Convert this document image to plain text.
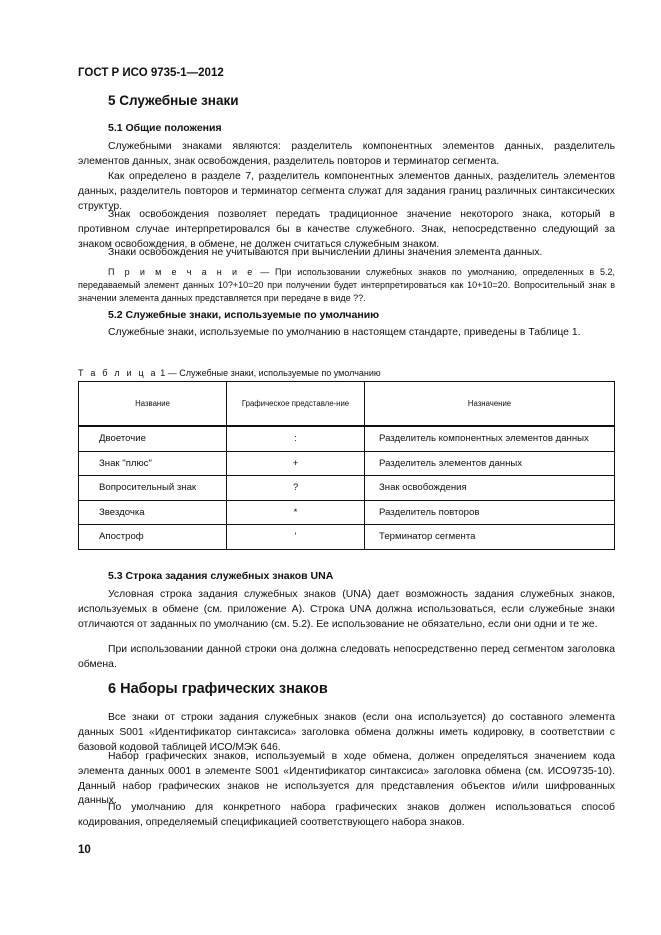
ГОСТ Р ИСО 9735-1—2012
5 Служебные знаки
5.1 Общие положения

Служебными знаками являются: разделитель компонентных элементов данных, разделитель элементов данных, знак освобождения, разделитель повторов и терминатор сегмента.

Как определено в разделе 7, разделитель компонентных элементов данных, разделитель элементов данных, разделитель повторов и терминатор сегмента служат для задания границ различных синтаксических структур.

Знак освобождения позволяет передать традиционное значение некоторого знака, который в противном случае интерпретировался бы в качестве служебного. Знак, непосредственно следующий за знаком освобождения, в обмене, не должен считаться служебным знаком.

Знаки освобождения не учитываются при вычислении длины значения элемента данных.

П р и м е ч а н и е — При использовании служебных знаков по умолчанию, определенных в 5.2, передаваемый элемент данных 10?+10=20 при получении будет интерпретироваться как 10+10=20. Вопросительный знак в значении элемента данных представляется при передаче в виде ??.

5.2 Служебные знаки, используемые по умолчанию

Служебные знаки, используемые по умолчанию в настоящем стандарте, приведены в Таблице 1.

Т а б л и ц а 1 — Служебные знаки, используемые по умолчанию
Название	Графическое представле-ние	Назначение
Двоеточие	:	Разделитель компонентных элементов данных
Знак "плюс"	+	Разделитель элементов данных
Вопросительный знак	?	Знак освобождения
Звездочка	*	Разделитель повторов
Апостроф	'	Терминатор сегмента
5.3 Строка задания служебных знаков UNA

Условная строка задания служебных знаков (UNA) дает возможность задания служебных знаков, используемых в обмене (см. приложение А). Строка UNA должна использоваться, если служебные знаки отличаются от заданных по умолчанию (см. 5.2). Ее использование не обязательно, если они одни и те же.

При использовании данной строки она должна следовать непосредственно перед сегментом заголовка обмена.

6 Наборы графических знаков

Все знаки от строки задания служебных знаков (если она используется) до составного элемента данных S001 «Идентификатор синтаксиса» заголовка обмена должны иметь кодировку, в соответствии с базовой кодовой таблицей ИСО/МЭК 646.

Набор графических знаков, используемый в ходе обмена, должен определяться значением кода элемента данных 0001 в элементе S001 «Идентификатор синтаксиса» заголовка обмена (см. ИСО9735-10). Данный набор графических знаков не используется для представления объектов и/или шифрованных данных.

По умолчанию для конкретного набора графических знаков должен использоваться способ кодирования, определяемый спецификацией соответствующего набора знаков.

10
